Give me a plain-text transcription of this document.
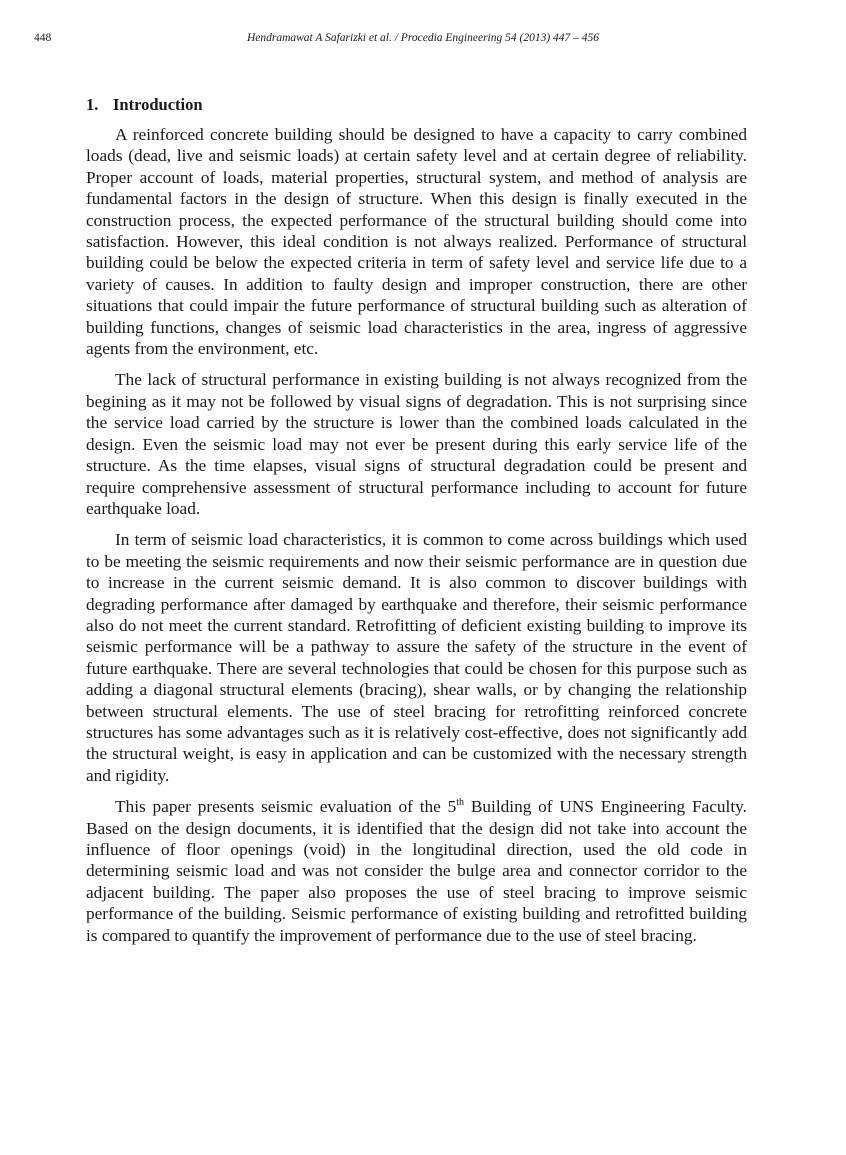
448	Hendramawat A Safarizki et al. / Procedia Engineering 54 (2013) 447 – 456
1. Introduction

A reinforced concrete building should be designed to have a capacity to carry combined loads (dead, live and seismic loads) at certain safety level and at certain degree of reliability. Proper account of loads, material properties, structural system, and method of analysis are fundamental factors in the design of structure. When this design is finally executed in the construction process, the expected performance of the structural building should come into satisfaction. However, this ideal condition is not always realized. Performance of structural building could be below the expected criteria in term of safety level and service life due to a variety of causes. In addition to faulty design and improper construction, there are other situations that could impair the future performance of structural building such as alteration of building functions, changes of seismic load characteristics in the area, ingress of aggressive agents from the environment, etc.

The lack of structural performance in existing building is not always recognized from the begining as it may not be followed by visual signs of degradation. This is not surprising since the service load carried by the structure is lower than the combined loads calculated in the design. Even the seismic load may not ever be present during this early service life of the structure. As the time elapses, visual signs of structural degradation could be present and require comprehensive assessment of structural performance including to account for future earthquake load.

In term of seismic load characteristics, it is common to come across buildings which used to be meeting the seismic requirements and now their seismic performance are in question due to increase in the current seismic demand. It is also common to discover buildings with degrading performance after damaged by earthquake and therefore, their seismic performance also do not meet the current standard. Retrofitting of deficient existing building to improve its seismic performance will be a pathway to assure the safety of the structure in the event of future earthquake. There are several technologies that could be chosen for this purpose such as adding a diagonal structural elements (bracing), shear walls, or by changing the relationship between structural elements. The use of steel bracing for retrofitting reinforced concrete structures has some advantages such as it is relatively cost-effective, does not significantly add the structural weight, is easy in application and can be customized with the necessary strength and rigidity.

This paper presents seismic evaluation of the 5th Building of UNS Engineering Faculty. Based on the design documents, it is identified that the design did not take into account the influence of floor openings (void) in the longitudinal direction, used the old code in determining seismic load and was not consider the bulge area and connector corridor to the adjacent building. The paper also proposes the use of steel bracing to improve seismic performance of the building. Seismic performance of existing building and retrofitted building is compared to quantify the improvement of performance due to the use of steel bracing.
